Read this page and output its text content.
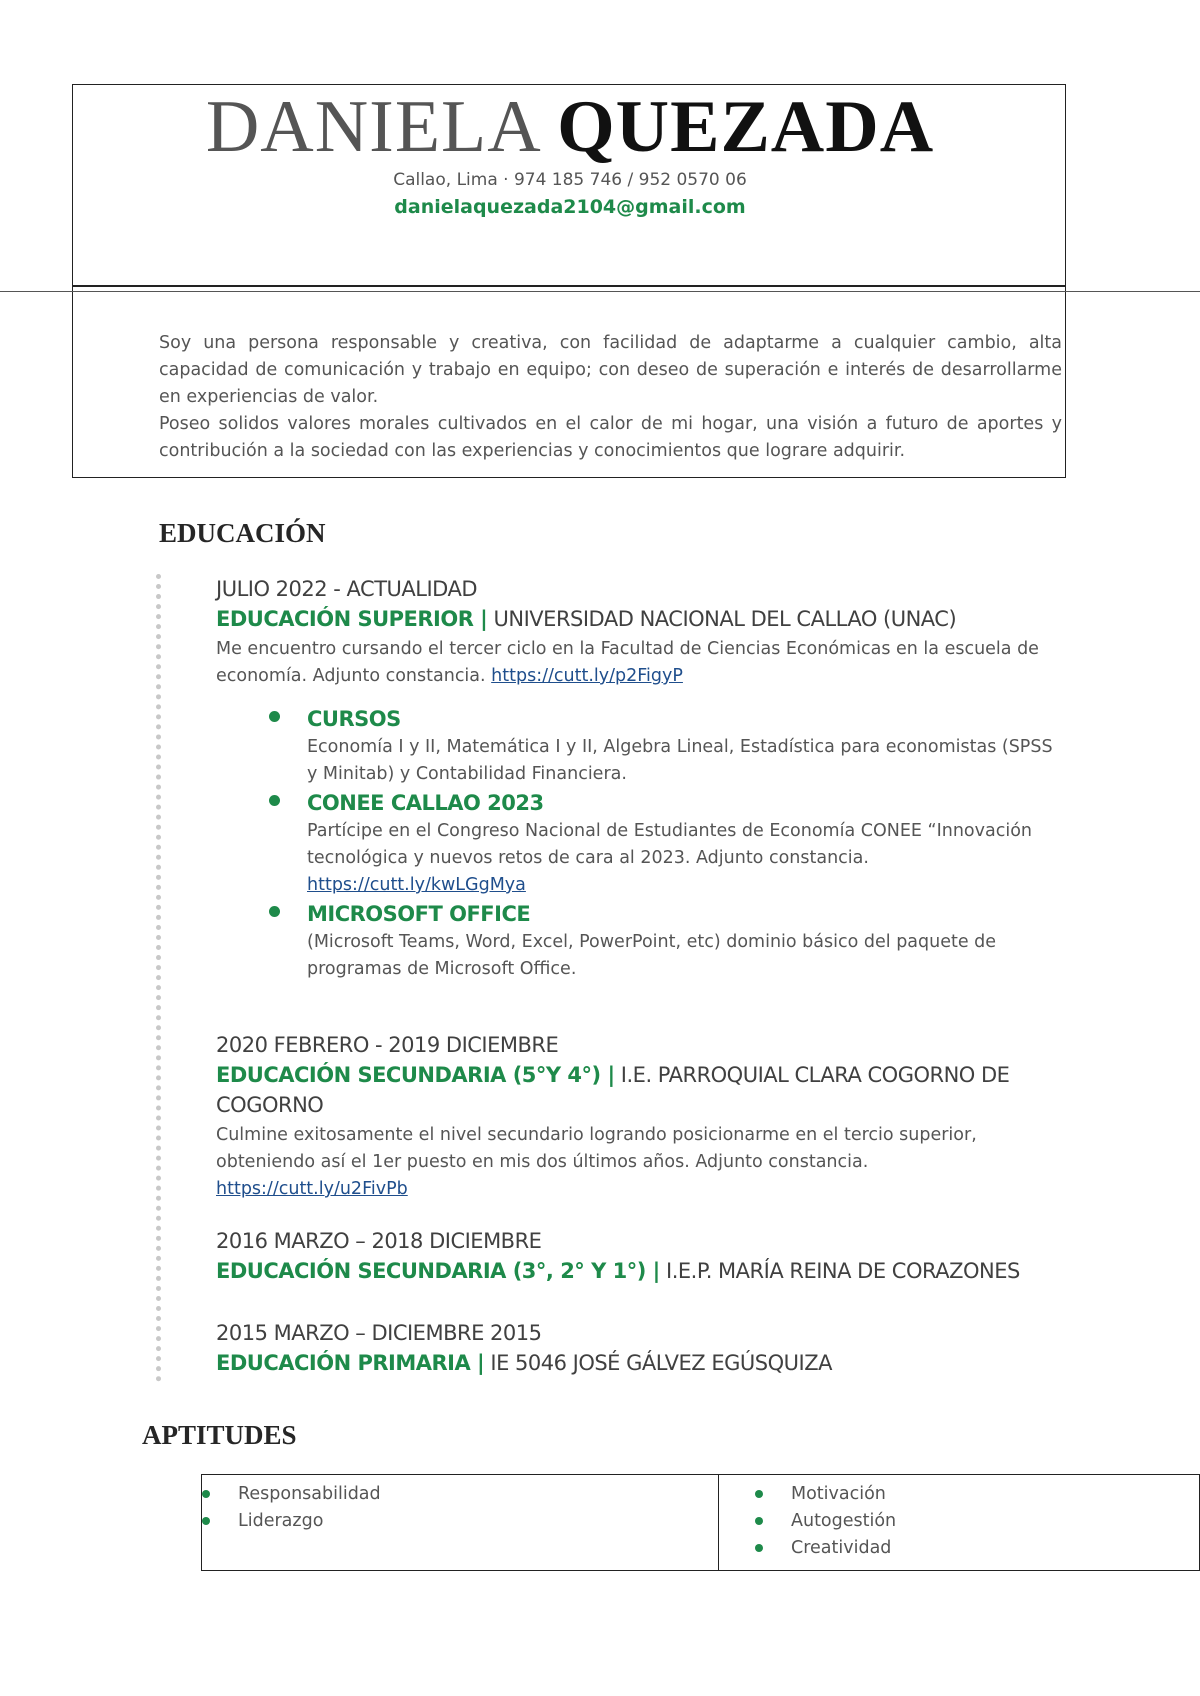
DANIELA QUEZADA
Callao, Lima · 974 185 746 / 952 0570 06
danielaquezada2104@gmail.com

Soy una persona responsable y creativa, con facilidad de adaptarme a cualquier cambio, alta capacidad de comunicación y trabajo en equipo; con deseo de superación e interés de desarrollarme en experiencias de valor.

Poseo solidos valores morales cultivados en el calor de mi hogar, una visión a futuro de aportes y contribución a la sociedad con las experiencias y conocimientos que lograre adquirir.

EDUCACIÓN
JULIO 2022 - ACTUALIDAD
EDUCACIÓN SUPERIOR | UNIVERSIDAD NACIONAL DEL CALLAO (UNAC)
Me encuentro cursando el tercer ciclo en la Facultad de Ciencias Económicas en la escuela de economía. Adjunto constancia. https://cutt.ly/p2FigyP
CURSOS
Economía I y II, Matemática I y II, Algebra Lineal, Estadística para economistas (SPSS y Minitab) y Contabilidad Financiera.
CONEE CALLAO 2023
Partícipe en el Congreso Nacional de Estudiantes de Economía CONEE “Innovación tecnológica y nuevos retos de cara al 2023. Adjunto constancia.
https://cutt.ly/kwLGgMya
MICROSOFT OFFICE
(Microsoft Teams, Word, Excel, PowerPoint, etc) dominio básico del paquete de programas de Microsoft Office.
2020 FEBRERO - 2019 DICIEMBRE
EDUCACIÓN SECUNDARIA (5°Y 4°) | I.E. PARROQUIAL CLARA COGORNO DE COGORNO
Culmine exitosamente el nivel secundario logrando posicionarme en el tercio superior, obteniendo así el 1er puesto en mis dos últimos años. Adjunto constancia.
https://cutt.ly/u2FivPb
2016 MARZO – 2018 DICIEMBRE
EDUCACIÓN SECUNDARIA (3°, 2° Y 1°) | I.E.P. MARÍA REINA DE CORAZONES
2015 MARZO – DICIEMBRE 2015
EDUCACIÓN PRIMARIA | IE 5046 JOSÉ GÁLVEZ EGÚSQUIZA
APTITUDES
Responsabilidad
Liderazgo

Motivación
Autogestión
Creatividad
